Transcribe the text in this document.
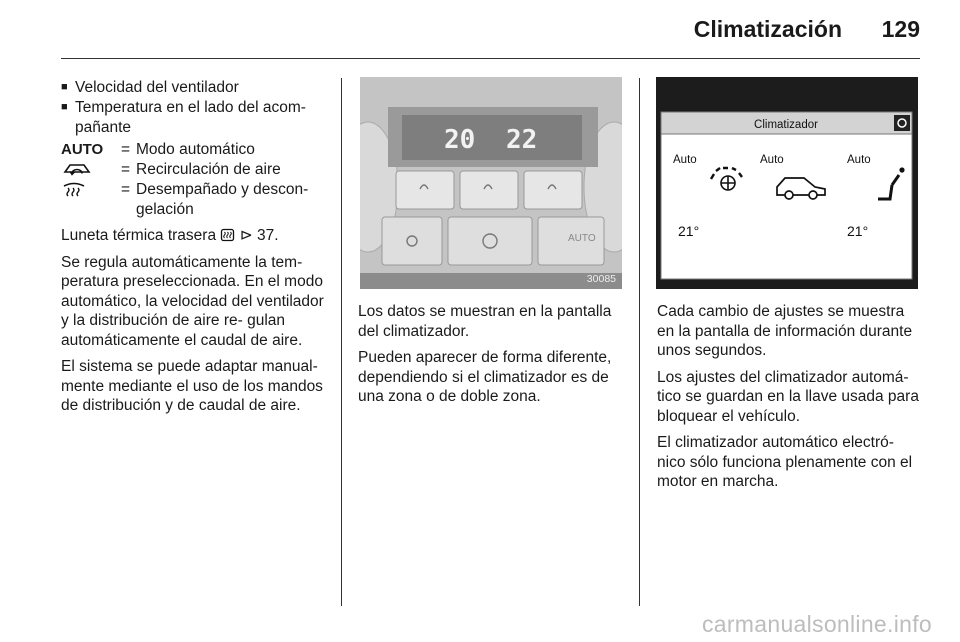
Climatización 129
■ Velocidad del ventilador
■ Temperatura en el lado del acom- pañante
AUTO = Modo automático
= Recirculación de aire
= Desempañado y descon- gelación

Luneta térmica trasera ⊳ 37.

Se regula automáticamente la tem- peratura preseleccionada. En el modo automático, la velocidad del ventilador y la distribución de aire re- gulan automáticamente el caudal de aire.

El sistema se puede adaptar manual- mente mediante el uso de los mandos de distribución y de caudal de aire.

20 22
AUTO
30085

Los datos se muestran en la pantalla del climatizador.

Pueden aparecer de forma diferente, dependiendo si el climatizador es de una zona o de doble zona.

Climatizador
Auto	Auto	Auto
21°	21°

Cada cambio de ajustes se muestra en la pantalla de información durante unos segundos.

Los ajustes del climatizador automá- tico se guardan en la llave usada para bloquear el vehículo.

El climatizador automático electró- nico sólo funciona plenamente con el motor en marcha.

carmanualsonline.info
